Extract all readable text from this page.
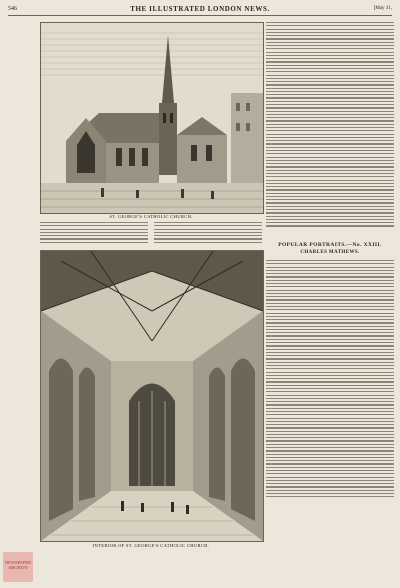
546	THE ILLUSTRATED LONDON NEWS.	[May 31,
ST. GEORGE'S CATHOLIC CHURCH.
INTERIOR OF ST. GEORGE'S CATHOLIC CHURCH.
POPULAR PORTRAITS.—No. XXIII.
CHARLES MATHEWS.
NEWSPAPER
ARCHIVE
